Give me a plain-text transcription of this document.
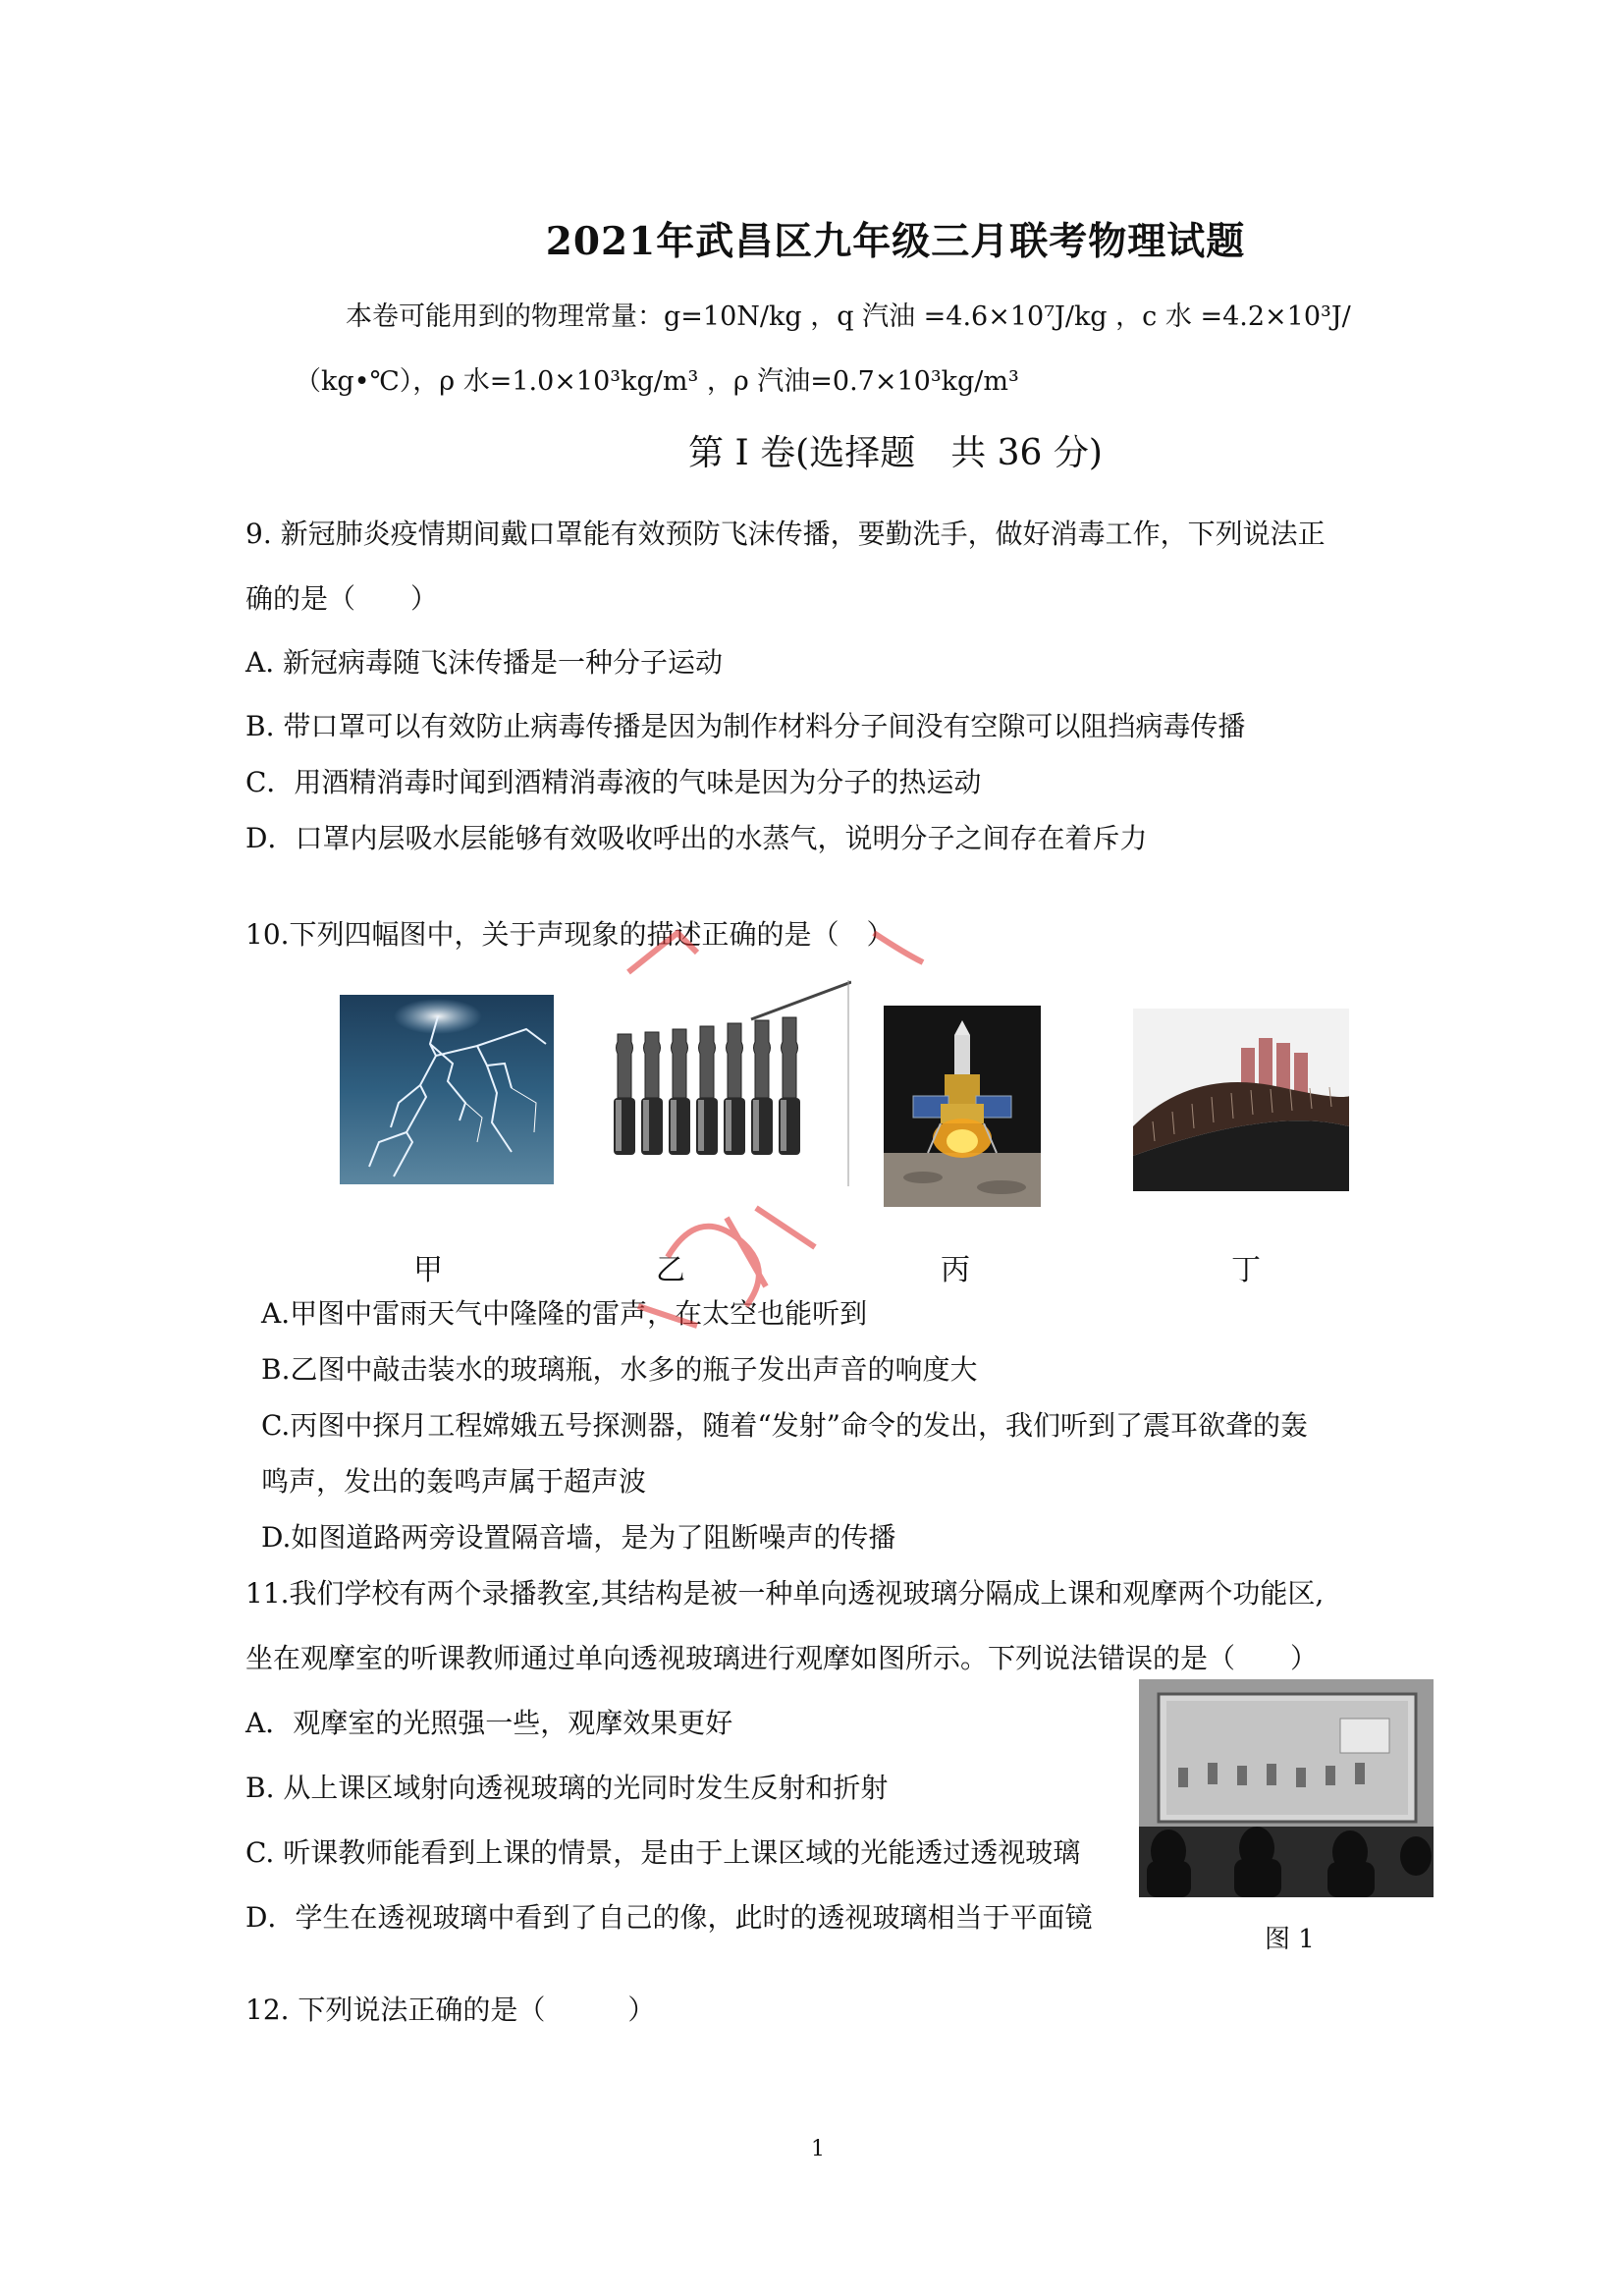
2021年武昌区九年级三月联考物理试题
本卷可能用到的物理常量：g=10N/kg ，q 汽油 =4.6×10⁷J/kg ，c 水 =4.2×10³J/
（kg•℃），ρ 水=1.0×10³kg/m³ ，ρ 汽油=0.7×10³kg/m³
第 I 卷(选择题　共 36 分)
9. 新冠肺炎疫情期间戴口罩能有效预防飞沫传播，要勤洗手，做好消毒工作，下列说法正
确的是（　　）
A. 新冠病毒随飞沫传播是一种分子运动
B. 带口罩可以有效防止病毒传播是因为制作材料分子间没有空隙可以阻挡病毒传播
C．用酒精消毒时闻到酒精消毒液的气味是因为分子的热运动
D．口罩内层吸水层能够有效吸收呼出的水蒸气，说明分子之间存在着斥力
10.下列四幅图中，关于声现象的描述正确的是（　）
甲	乙	丙	丁
A.甲图中雷雨天气中隆隆的雷声，在太空也能听到
B.乙图中敲击装水的玻璃瓶，水多的瓶子发出声音的响度大
C.丙图中探月工程嫦娥五号探测器，随着“发射”命令的发出，我们听到了震耳欲聋的轰
鸣声，发出的轰鸣声属于超声波
D.如图道路两旁设置隔音墙，是为了阻断噪声的传播
11.我们学校有两个录播教室,其结构是被一种单向透视玻璃分隔成上课和观摩两个功能区,
坐在观摩室的听课教师通过单向透视玻璃进行观摩如图所示。下列说法错误的是（　　）
A．观摩室的光照强一些，观摩效果更好
B. 从上课区域射向透视玻璃的光同时发生反射和折射
C. 听课教师能看到上课的情景，是由于上课区域的光能透过透视玻璃
D．学生在透视玻璃中看到了自己的像，此时的透视玻璃相当于平面镜
图 1
12. 下列说法正确的是（　　　）
1
